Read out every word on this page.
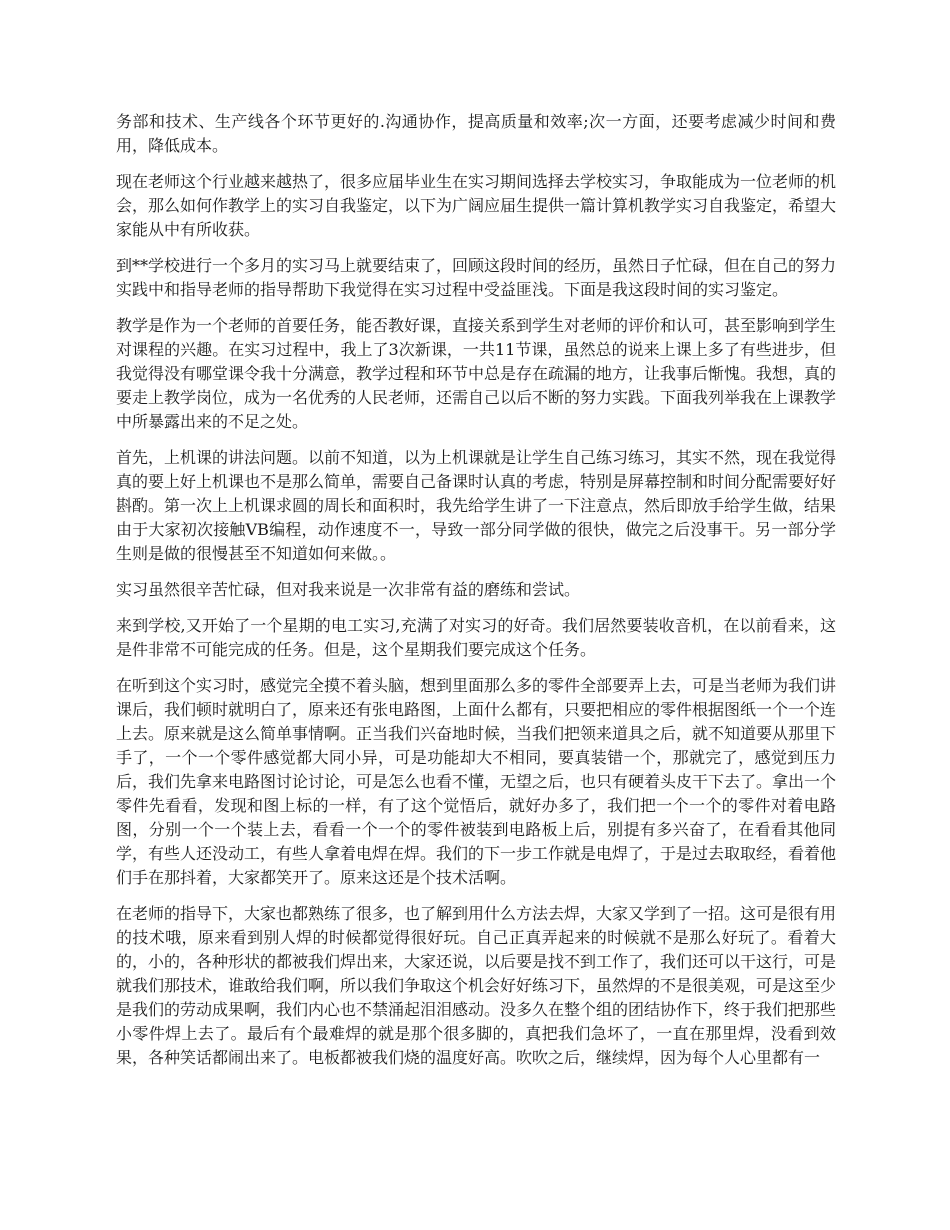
务部和技术、生产线各个环节更好的.沟通协作，提高质量和效率;次一方面，还要考虑减少时间和费用，降低成本。

现在老师这个行业越来越热了，很多应届毕业生在实习期间选择去学校实习，争取能成为一位老师的机会，那么如何作教学上的实习自我鉴定，以下为广阔应届生提供一篇计算机教学实习自我鉴定，希望大家能从中有所收获。

到**学校进行一个多月的实习马上就要结束了，回顾这段时间的经历，虽然日子忙碌，但在自己的努力实践中和指导老师的指导帮助下我觉得在实习过程中受益匪浅。下面是我这段时间的实习鉴定。

教学是作为一个老师的首要任务，能否教好课，直接关系到学生对老师的评价和认可，甚至影响到学生对课程的兴趣。在实习过程中，我上了3次新课，一共11节课，虽然总的说来上课上多了有些进步，但我觉得没有哪堂课令我十分满意，教学过程和环节中总是存在疏漏的地方，让我事后惭愧。我想，真的要走上教学岗位，成为一名优秀的人民老师，还需自己以后不断的努力实践。下面我列举我在上课教学中所暴露出来的不足之处。

首先，上机课的讲法问题。以前不知道，以为上机课就是让学生自己练习练习，其实不然，现在我觉得真的要上好上机课也不是那么简单，需要自己备课时认真的考虑，特别是屏幕控制和时间分配需要好好斟酌。第一次上上机课求圆的周长和面积时，我先给学生讲了一下注意点，然后即放手给学生做，结果由于大家初次接触VB编程，动作速度不一，导致一部分同学做的很快，做完之后没事干。另一部分学生则是做的很慢甚至不知道如何来做。。

实习虽然很辛苦忙碌，但对我来说是一次非常有益的磨练和尝试。

来到学校,又开始了一个星期的电工实习,充满了对实习的好奇。我们居然要装收音机，在以前看来，这是件非常不可能完成的任务。但是，这个星期我们要完成这个任务。

在听到这个实习时，感觉完全摸不着头脑，想到里面那么多的零件全部要弄上去，可是当老师为我们讲课后，我们顿时就明白了，原来还有张电路图，上面什么都有，只要把相应的零件根据图纸一个一个连上去。原来就是这么简单事情啊。正当我们兴奋地时候，当我们把领来道具之后，就不知道要从那里下手了，一个一个零件感觉都大同小异，可是功能却大不相同，要真装错一个，那就完了，感觉到压力后，我们先拿来电路图讨论讨论，可是怎么也看不懂，无望之后，也只有硬着头皮干下去了。拿出一个零件先看看，发现和图上标的一样，有了这个觉悟后，就好办多了，我们把一个一个的零件对着电路图，分别一个一个装上去，看看一个一个的零件被装到电路板上后，别提有多兴奋了，在看看其他同学，有些人还没动工，有些人拿着电焊在焊。我们的下一步工作就是电焊了，于是过去取取经，看着他们手在那抖着，大家都笑开了。原来这还是个技术活啊。

在老师的指导下，大家也都熟练了很多，也了解到用什么方法去焊，大家又学到了一招。这可是很有用的技术哦，原来看到别人焊的时候都觉得很好玩。自己正真弄起来的时候就不是那么好玩了。看着大的，小的，各种形状的都被我们焊出来，大家还说，以后要是找不到工作了，我们还可以干这行，可是就我们那技术，谁敢给我们啊，所以我们争取这个机会好好练习下，虽然焊的不是很美观，可是这至少是我们的劳动成果啊，我们内心也不禁涌起泪泪感动。没多久在整个组的团结协作下，终于我们把那些小零件焊上去了。最后有个最难焊的就是那个很多脚的，真把我们急坏了，一直在那里焊，没看到效果，各种笑话都闹出来了。电板都被我们烧的温度好高。吹吹之后，继续焊，因为每个人心里都有一
